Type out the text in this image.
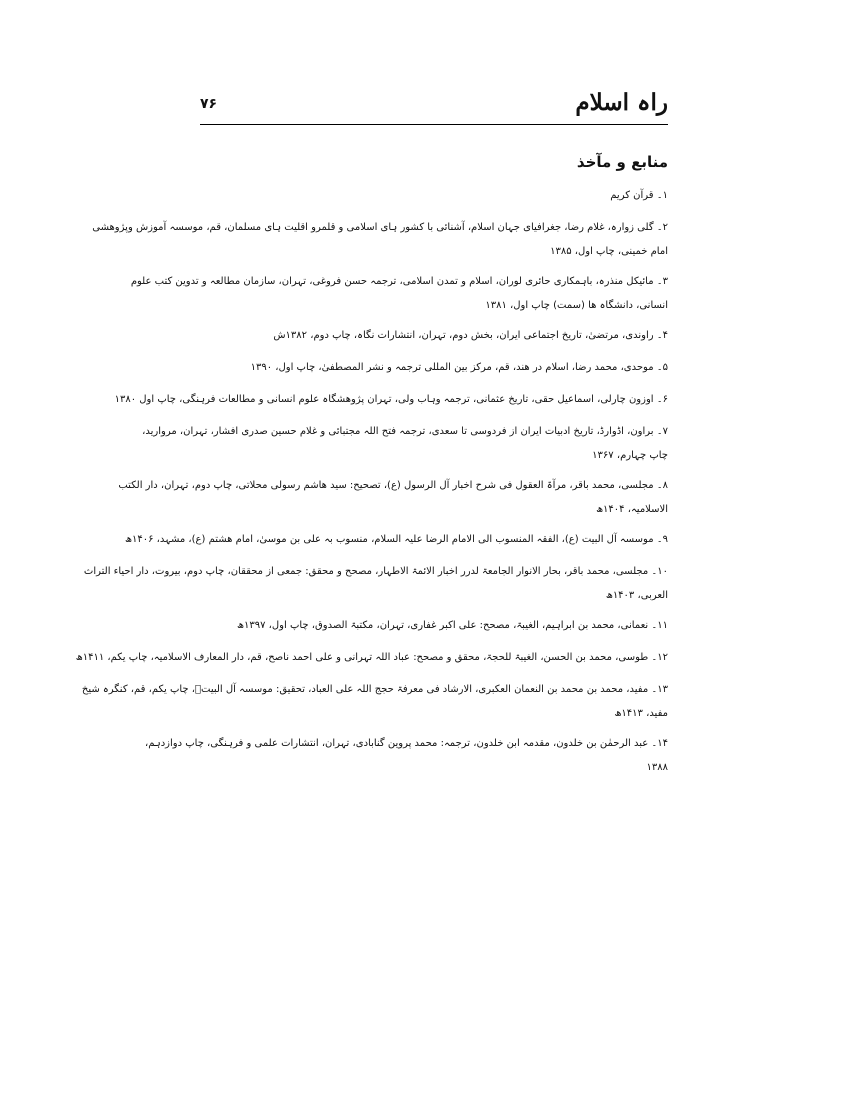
راہ اسلام
۷۶
منابع و مآخذ
۱۔ قرآن کریم
۲۔ گلی زوارہ، غلام رضا، جغرافیای جہان اسلام، آشنائی با کشور ہای اسلامی و قلمرو اقلیت ہای مسلمان، قم، موسسہ آموزش وپژوهشی
امام خمینی، چاپ اول، ۱۳۸۵
۳۔ مائیکل منذرہ، باہمکاری حائری لوران، اسلام و تمدن اسلامی، ترجمہ حسن فروغی، تہران، سازمان مطالعہ و تدوین کتب علوم
انسانی، دانشگاہ ھا (سمت) چاپ اول، ۱۳۸۱
۴۔ راوندی، مرتضیٰ، تاریخ اجتماعی ایران، بخش دوم، تہران، انتشارات نگاہ، چاپ دوم، ۱۳۸۲ش
۵۔ موحدی، محمد رضا، اسلام در ھند، قم، مرکز بین المللی ترجمہ و نشر المصطفیٰ، چاپ اول، ۱۳۹۰
۶۔ اوزون چارلی، اسماعیل حقی، تاریخ عثمانی، ترجمہ وہاب ولی، تہران پژوهشگاہ علوم انسانی و مطالعات فرہنگی، چاپ اول ۱۳۸۰
۷۔ براون، اڈوارڈ، تاریخ ادبیات ایران از فردوسی تا سعدی، ترجمہ فتح اللہ مجتبائی و غلام حسین صدری افشار، تہران، مروارید،
چاپ چہارم، ۱۳۶۷
۸۔ مجلسی، محمد باقر، مرآۃ العقول فی شرح اخبار آل الرسول (ع)، تصحیح: سید ھاشم رسولی محلاتی، چاپ دوم، تہران، دار الکتب
الاسلامیہ، ۱۴۰۴ھ
۹۔ موسسہ آل البیت (ع)، الفقہ المنسوب الی الامام الرضا علیہ السلام، منسوب بہ علی بن موسیٰ، امام ھشتم (ع)، مشہد، ۱۴۰۶ھ
۱۰۔ مجلسی، محمد باقر، بحار الانوار الجامعۃ لدرر اخبار الائمۃ الاطہار، مصحح و محقق: جمعی از محققان، چاپ دوم، بیروت، دار احیاء التراث
العربی، ۱۴۰۳ھ
۱۱۔ نعمانی، محمد بن ابراہیم، الغیبۃ، مصحح: علی اکبر غفاری، تہران، مکتبۃ الصدوق، چاپ اول، ۱۳۹۷ھ
۱۲۔ طوسی، محمد بن الحسن، الغیبۃ للحجۃ، محقق و مصحح: عباد اللہ تہرانی و علی احمد ناصح، قم، دار المعارف الاسلامیہ، چاپ یکم، ۱۴۱۱ھ
۱۳۔ مفید، محمد بن محمد بن النعمان العکبری، الارشاد فی معرفۃ حجج اللہ علی العباد، تحقیق: موسسہ آل البیتؑ، چاپ یکم، قم، کنگرہ شیخ
مفید، ۱۴۱۳ھ
۱۴۔ عبد الرحمٰن بن خلدون، مقدمہ ابن خلدون، ترجمہ: محمد پروین گنابادی، تہران، انتشارات علمی و فرہنگی، چاپ دوازدہم،
۱۳۸۸
